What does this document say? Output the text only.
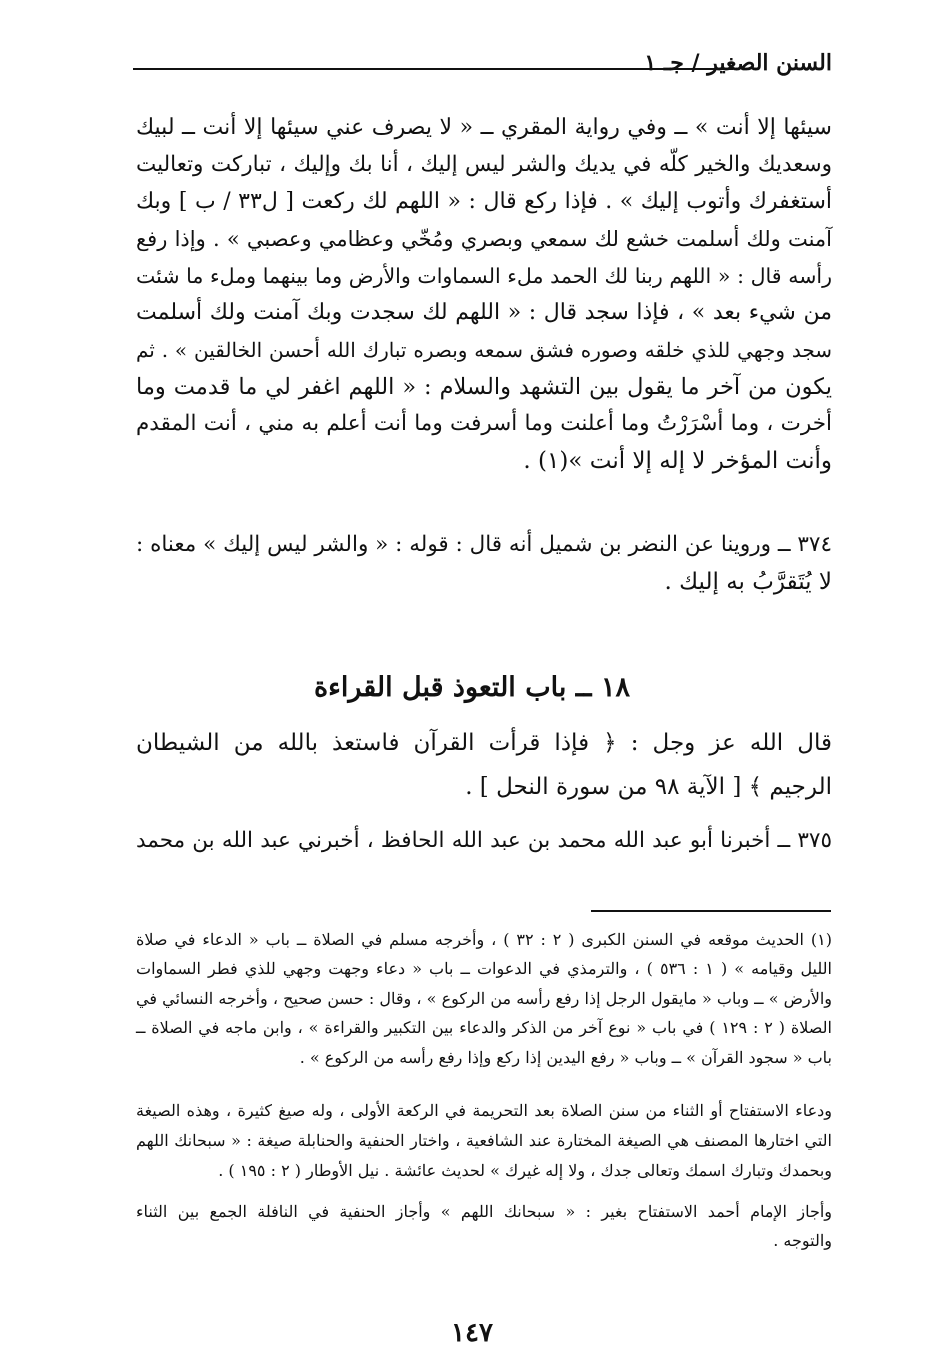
السنن الصغير / جـ ١
سيئها إلا أنت » ــ وفي رواية المقري ــ « لا يصرف عني سيئها إلا أنت ــ لبيك
وسعديك والخير كلّه في يديك والشر ليس إليك ، أنا بك وإليك ، تباركت وتعاليت
أستغفرك وأتوب إليك » . فإذا ركع قال : « اللهم لك ركعت [ ل٣٣ / ب ] وبك
آمنت ولك أسلمت خشع لك سمعي وبصري ومُخّي وعظامي وعصبي » . وإذا رفع
رأسه قال : « اللهم ربنا لك الحمد ملء السماوات والأرض وما بينهما وملء ما شئت
من شيء بعد » ، فإذا سجد قال : « اللهم لك سجدت وبك آمنت ولك أسلمت
سجد وجهي للذي خلقه وصوره فشق سمعه وبصره تبارك الله أحسن الخالقين » . ثم
يكون من آخر ما يقول بين التشهد والسلام : « اللهم اغفر لي ما قدمت وما
أخرت ، وما أسْرَرْتُ وما أعلنت وما أسرفت وما أنت أعلم به مني ، أنت المقدم
وأنت المؤخر لا إله إلا أنت »(١) .
٣٧٤ ــ وروينا عن النضر بن شميل أنه قال : قوله : « والشر ليس إليك » معناه :
لا يُتَقرَّبُ به إليك .
١٨ ــ باب التعوذ قبل القراءة
قال الله عز وجل : ﴿ فإذا قرأت القرآن فاستعذ بالله من الشيطان
الرجيم ﴾ [ الآية ٩٨ من سورة النحل ] .
٣٧٥ ــ أخبرنا أبو عبد الله محمد بن عبد الله الحافظ ، أخبرني عبد الله بن محمد
(١) الحديث موقعه في السنن الكبرى ( ٢ : ٣٢ ) ، وأخرجه مسلم في الصلاة ــ باب « الدعاء في صلاة
الليل وقيامه » ( ١ : ٥٣٦ ) ، والترمذي في الدعوات ــ باب « دعاء وجهت وجهي للذي فطر السماوات
والأرض » ــ وباب « مايقول الرجل إذا رفع رأسه من الركوع » ، وقال : حسن صحيح ، وأخرجه النسائي في
الصلاة ( ٢ : ١٢٩ ) في باب « نوع آخر من الذكر والدعاء بين التكبير والقراءة » ، وابن ماجه في الصلاة ــ
باب « سجود القرآن » ــ وباب « رفع اليدين إذا ركع وإذا رفع رأسه من الركوع » .
ودعاء الاستفتاح أو الثناء من سنن الصلاة بعد التحريمة في الركعة الأولى ، وله صيغ كثيرة ، وهذه الصيغة
التي اختارها المصنف هي الصيغة المختارة عند الشافعية ، واختار الحنفية والحنابلة صيغة : « سبحانك اللهم
وبحمدك وتبارك اسمك وتعالى جدك ، ولا إله غيرك » لحديث عائشة . نيل الأوطار ( ٢ : ١٩٥ ) .
وأجاز الإمام أحمد الاستفتاح بغير : « سبحانك اللهم » وأجاز الحنفية في النافلة الجمع بين الثناء
والتوجه .
١٤٧
